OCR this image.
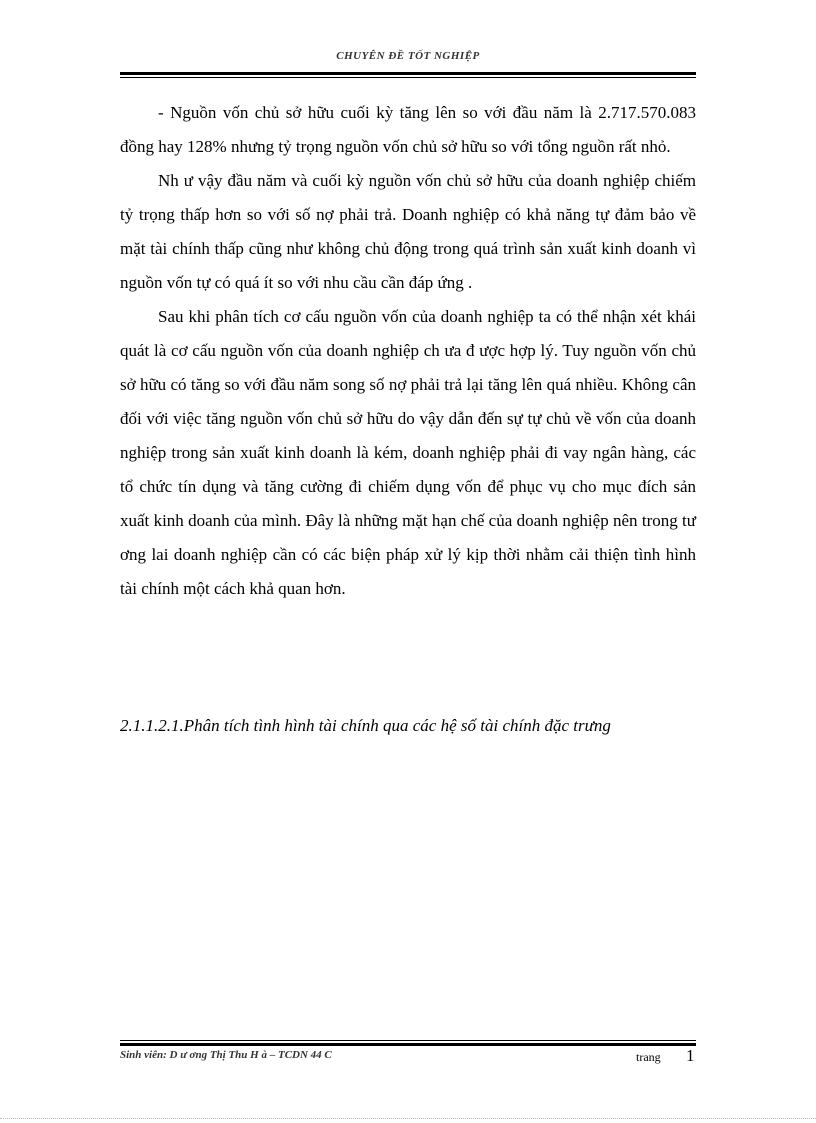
CHUYÊN ĐỀ TỐT NGHIỆP

- Nguồn vốn chủ sở hữu cuối kỳ tăng lên so với đầu năm là 2.717.570.083 đồng hay 128% nhưng tỷ trọng nguồn vốn chủ sở hữu so với tổng nguồn rất nhỏ.

Nh ư vậy đầu năm và cuối kỳ nguồn vốn chủ sở hữu của doanh nghiệp chiếm tỷ trọng thấp hơn so với số nợ phải trả. Doanh nghiệp có khả năng tự đảm bảo về mặt tài chính thấp cũng như không chủ động trong quá trình sản xuất kinh doanh vì nguồn vốn tự có quá ít so với nhu cầu cần đáp ứng .

Sau khi phân tích cơ cấu nguồn vốn của doanh nghiệp ta có thể nhận xét khái quát là cơ cấu nguồn vốn của doanh nghiệp ch ưa đ ược hợp lý. Tuy nguồn vốn chủ sở hữu có tăng so với đầu năm song số nợ phải trả lại tăng lên quá nhiều. Không cân đối với việc tăng nguồn vốn chủ sở hữu do vậy dẫn đến sự tự chủ về vốn của doanh nghiệp trong sản xuất kinh doanh là kém, doanh nghiệp phải đi vay ngân hàng, các tổ chức tín dụng và tăng cường đi chiếm dụng vốn để phục vụ cho mục đích sản xuất kinh doanh của mình. Đây là những mặt hạn chế của doanh nghiệp nên trong tư ơng lai doanh nghiệp cần có các biện pháp xử lý kịp thời nhằm cải thiện tình hình tài chính một cách khả quan hơn.

2.1.1.2.1.Phân tích tình hình tài chính qua các hệ số tài chính đặc trưng
Sinh viên: D ư ơng Thị Thu H à – TCDN 44 C	trang 1
